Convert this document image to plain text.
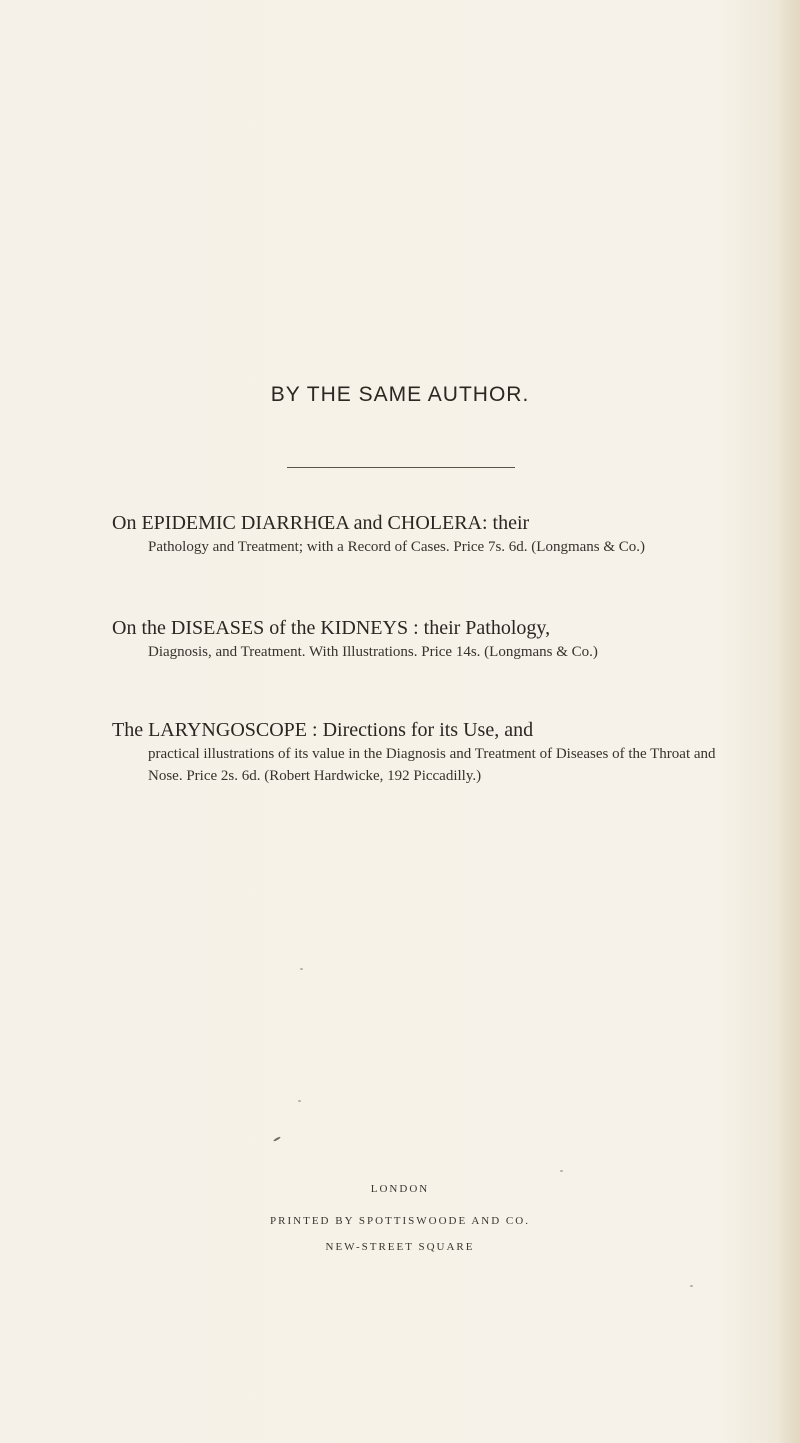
BY THE SAME AUTHOR.
On EPIDEMIC DIARRHŒA and CHOLERA: their
Pathology and Treatment; with a Record of Cases. Price 7s. 6d. (Longmans & Co.)
On the DISEASES of the KIDNEYS : their Pathology,
Diagnosis, and Treatment. With Illustrations. Price 14s. (Longmans & Co.)
The LARYNGOSCOPE : Directions for its Use, and
practical illustrations of its value in the Diagnosis and Treatment of Diseases of the Throat and Nose. Price 2s. 6d. (Robert Hardwicke, 192 Piccadilly.)
LONDON
PRINTED BY SPOTTISWOODE AND CO.
NEW-STREET SQUARE
